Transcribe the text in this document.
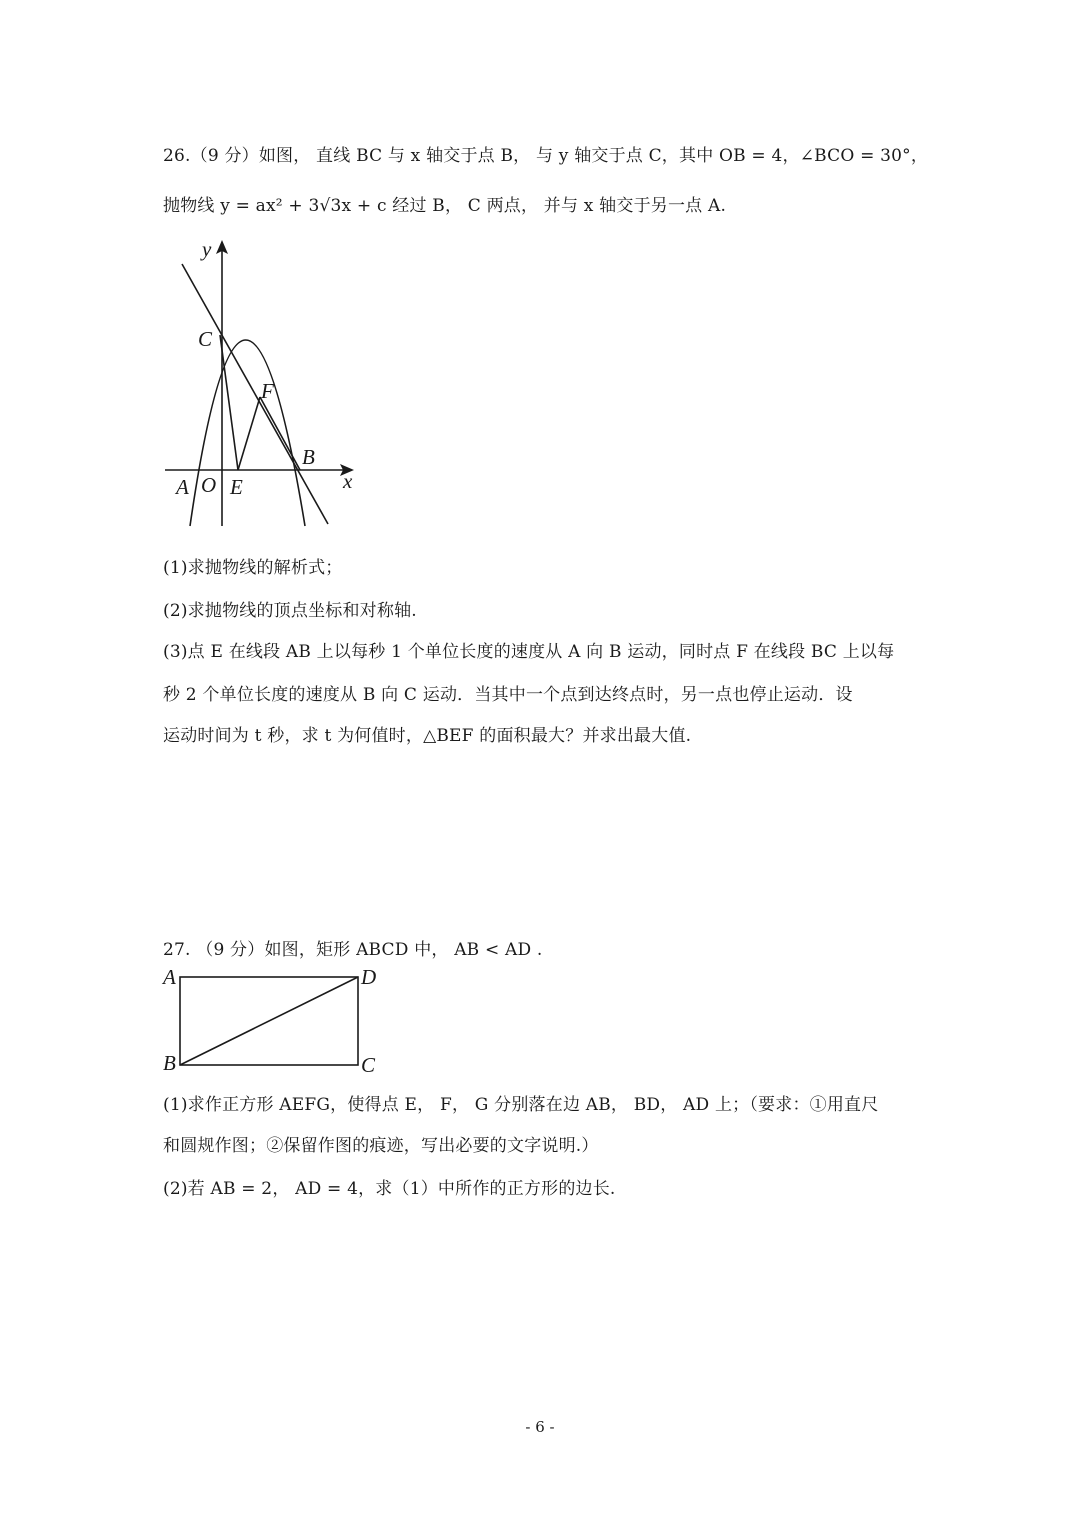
26.（9 分）如图， 直线 BC 与 x 轴交于点 B， 与 y 轴交于点 C，其中 OB = 4，∠BCO = 30°，
抛物线 y = ax² + 3√3x + c 经过 B， C 两点， 并与 x 轴交于另一点 A.
y
C
F
B
x
A O E
(1)求抛物线的解析式；
(2)求抛物线的顶点坐标和对称轴.
(3)点 E 在线段 AB 上以每秒 1 个单位长度的速度从 A 向 B 运动，同时点 F 在线段 BC 上以每
秒 2 个单位长度的速度从 B 向 C 运动．当其中一个点到达终点时，另一点也停止运动．设
运动时间为 t 秒，求 t 为何值时，△BEF 的面积最大？并求出最大值.
27. （9 分）如图，矩形 ABCD 中， AB < AD .
A	D
B	C
(1)求作正方形 AEFG，使得点 E， F， G 分别落在边 AB， BD， AD 上；（要求：①用直尺
和圆规作图；②保留作图的痕迹，写出必要的文字说明.）
(2)若 AB = 2， AD = 4，求（1）中所作的正方形的边长.
- 6 -
